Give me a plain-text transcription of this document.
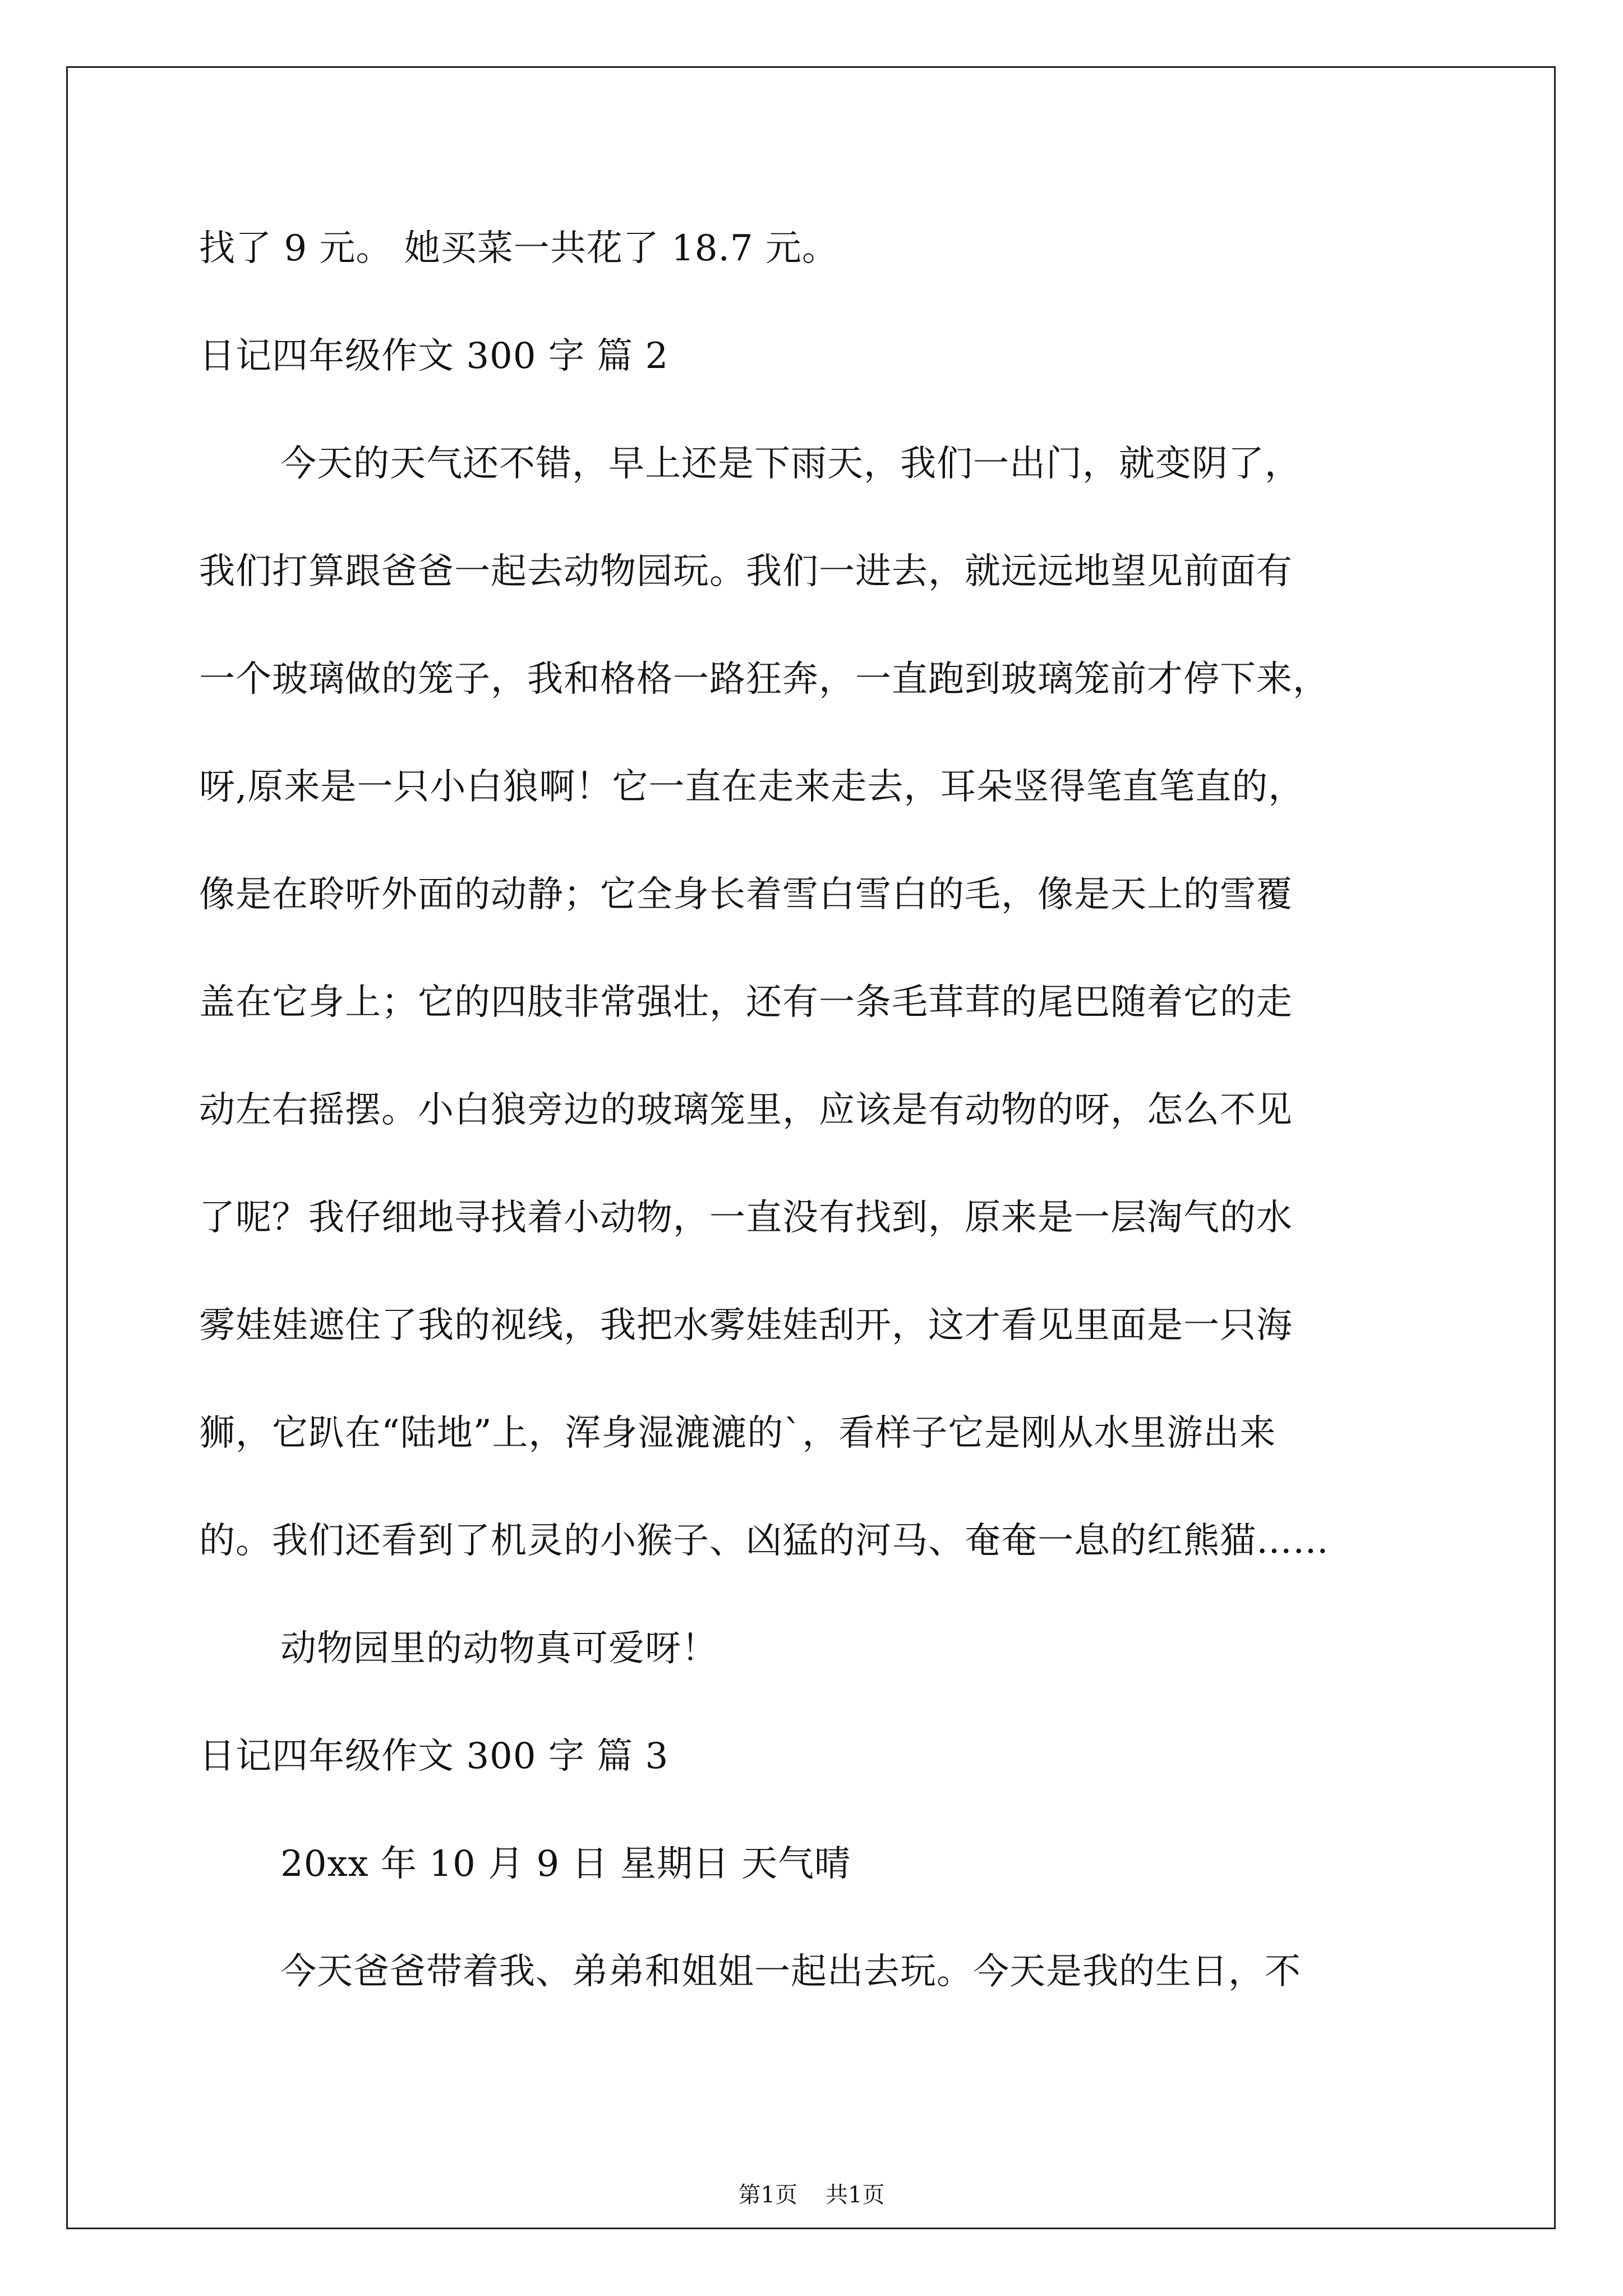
找了 9 元。 她买菜一共花了 18.7 元。
日记四年级作文 300 字 篇 2
今天的天气还不错，早上还是下雨天，我们一出门，就变阴了，
我们打算跟爸爸一起去动物园玩。我们一进去，就远远地望见前面有
一个玻璃做的笼子，我和格格一路狂奔，一直跑到玻璃笼前才停下来，
呀,原来是一只小白狼啊！它一直在走来走去，耳朵竖得笔直笔直的，
像是在聆听外面的动静；它全身长着雪白雪白的毛，像是天上的雪覆
盖在它身上；它的四肢非常强壮，还有一条毛茸茸的尾巴随着它的走
动左右摇摆。小白狼旁边的玻璃笼里，应该是有动物的呀，怎么不见
了呢？我仔细地寻找着小动物，一直没有找到，原来是一层淘气的水
雾娃娃遮住了我的视线，我把水雾娃娃刮开，这才看见里面是一只海
狮，它趴在“陆地”上，浑身湿漉漉的`，看样子它是刚从水里游出来
的。我们还看到了机灵的小猴子、凶猛的河马、奄奄一息的红熊猫……
动物园里的动物真可爱呀！
日记四年级作文 300 字 篇 3
20xx 年 10 月 9 日 星期日 天气晴
今天爸爸带着我、弟弟和姐姐一起出去玩。今天是我的生日，不
第1页 共1页
